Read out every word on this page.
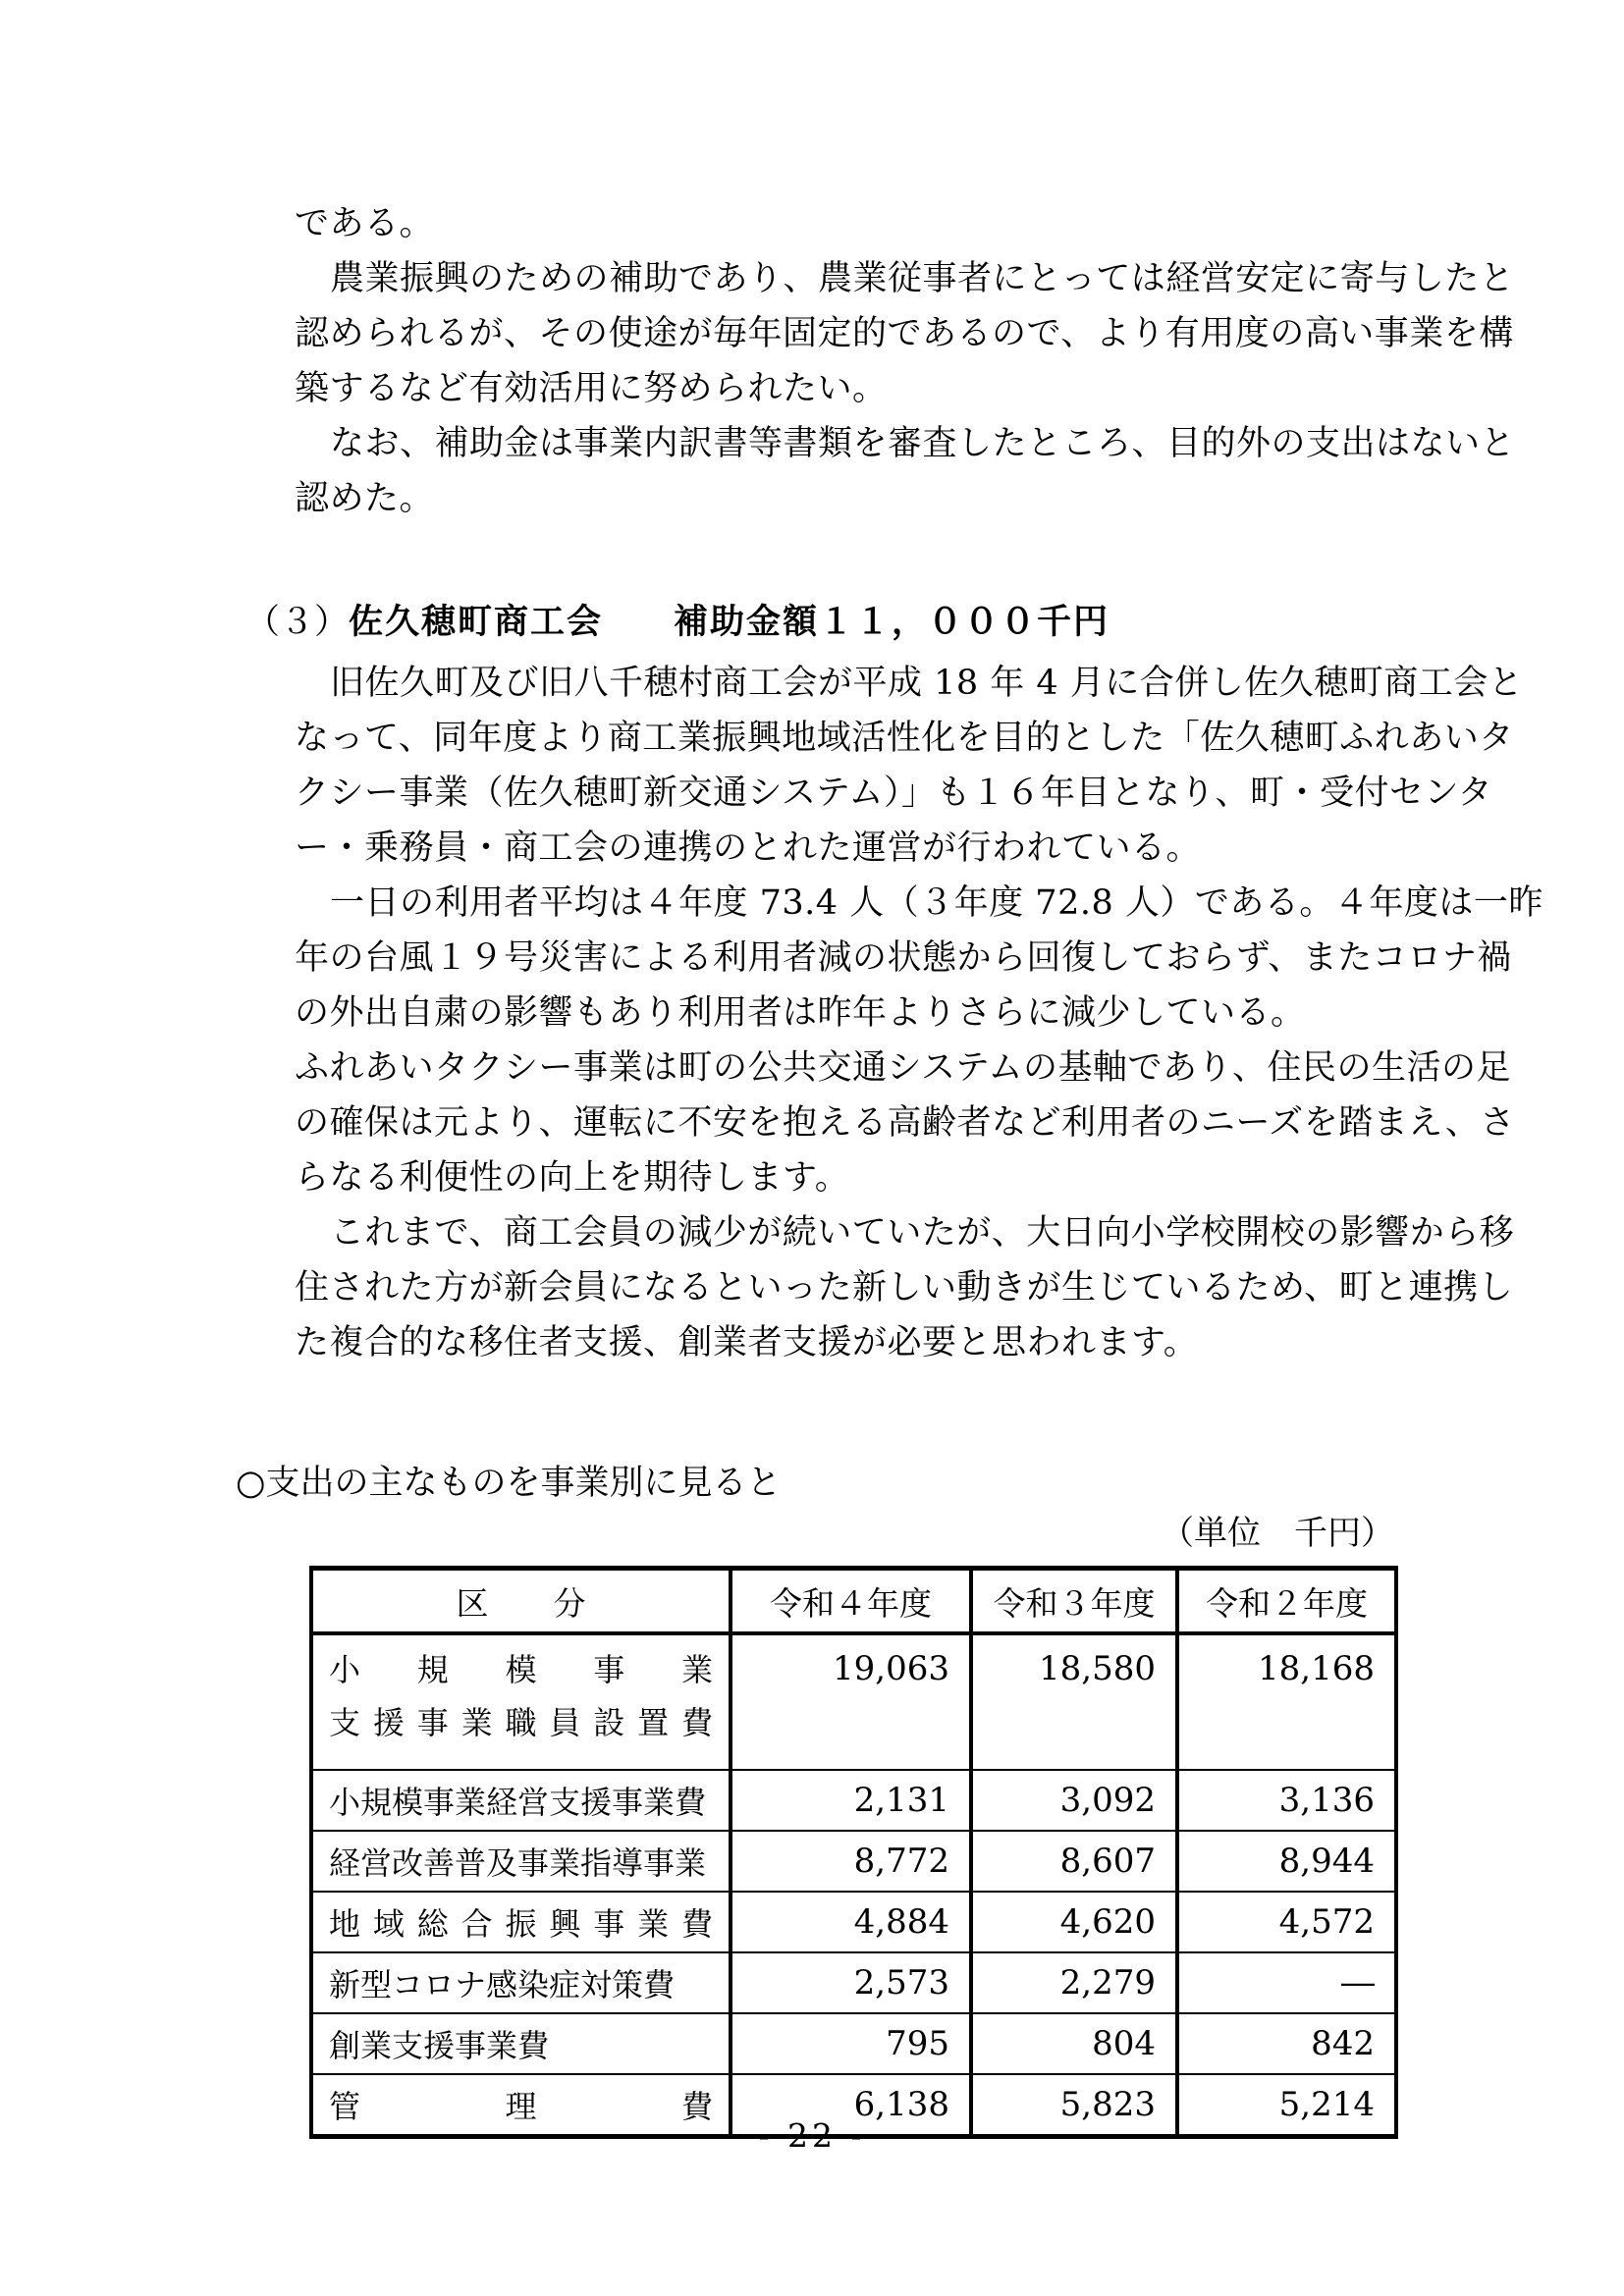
である。
農業振興のための補助であり、農業従事者にとっては経営安定に寄与したと
認められるが、その使途が毎年固定的であるので、より有用度の高い事業を構
築するなど有効活用に努められたい。
なお、補助金は事業内訳書等書類を審査したところ、目的外の支出はないと
認めた。
（３）佐久穂町商工会 補助金額１１，０００千円
旧佐久町及び旧八千穂村商工会が平成 18 年 4 月に合併し佐久穂町商工会と
なって、同年度より商工業振興地域活性化を目的とした「佐久穂町ふれあいタ
クシー事業（佐久穂町新交通システム）」も１６年目となり、町・受付センタ
ー・乗務員・商工会の連携のとれた運営が行われている。
一日の利用者平均は４年度 73.4 人（３年度 72.8 人）である。４年度は一昨
年の台風１９号災害による利用者減の状態から回復しておらず、またコロナ禍
の外出自粛の影響もあり利用者は昨年よりさらに減少している。
ふれあいタクシー事業は町の公共交通システムの基軸であり、住民の生活の足
の確保は元より、運転に不安を抱える高齢者など利用者のニーズを踏まえ、さ
らなる利便性の向上を期待します。
これまで、商工会員の減少が続いていたが、大日向小学校開校の影響から移
住された方が新会員になるといった新しい動きが生じているため、町と連携し
た複合的な移住者支援、創業者支援が必要と思われます。
○支出の主なものを事業別に見ると
（単位　千円）
区　　分	令和４年度	令和３年度	令和２年度

小規模事業
支援事業職員設置費	19,063	18,580	18,168
小規模事業経営支援事業費	2,131	3,092	3,136
経営改善普及事業指導事業	8,772	8,607	8,944
地域総合振興事業費	4,884	4,620	4,572
新型コロナ感染症対策費	2,573	2,279	―
創業支援事業費	795	804	842
管理費	6,138	5,823	5,214
- 22 -
